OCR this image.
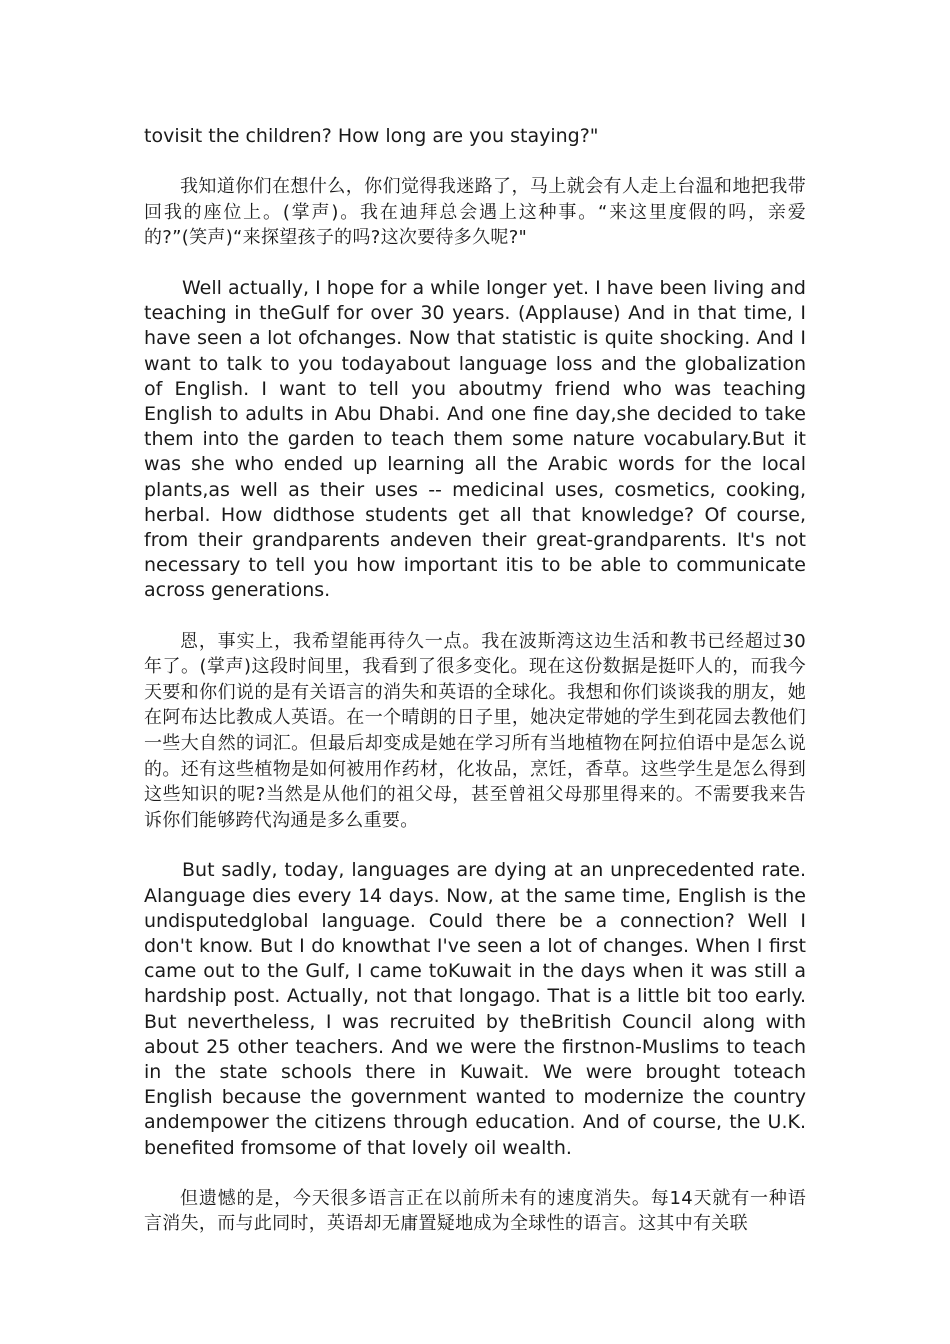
tovisit the children? How long are you staying?"

我知道你们在想什么，你们觉得我迷路了，马上就会有人走上台温和地把我带回我的座位上。(掌声)。我在迪拜总会遇上这种事。“来这里度假的吗，亲爱的?”(笑声)“来探望孩子的吗?这次要待多久呢?"

Well actually, I hope for a while longer yet. I have been living and teaching in theGulf for over 30 years. (Applause) And in that time, I have seen a lot ofchanges. Now that statistic is quite shocking. And I want to talk to you todayabout language loss and the globalization of English. I want to tell you aboutmy friend who was teaching English to adults in Abu Dhabi. And one fine day,she decided to take them into the garden to teach them some nature vocabulary.But it was she who ended up learning all the Arabic words for the local plants,as well as their uses -- medicinal uses, cosmetics, cooking, herbal. How didthose students get all that knowledge? Of course, from their grandparents andeven their great-grandparents. It's not necessary to tell you how important itis to be able to communicate across generations.

恩，事实上，我希望能再待久一点。我在波斯湾这边生活和教书已经超过30年了。(掌声)这段时间里，我看到了很多变化。现在这份数据是挺吓人的，而我今天要和你们说的是有关语言的消失和英语的全球化。我想和你们谈谈我的朋友，她在阿布达比教成人英语。在一个晴朗的日子里，她决定带她的学生到花园去教他们一些大自然的词汇。但最后却变成是她在学习所有当地植物在阿拉伯语中是怎么说的。还有这些植物是如何被用作药材，化妆品，烹饪，香草。这些学生是怎么得到这些知识的呢?当然是从他们的祖父母，甚至曾祖父母那里得来的。不需要我来告诉你们能够跨代沟通是多么重要。

But sadly, today, languages are dying at an unprecedented rate. Alanguage dies every 14 days. Now, at the same time, English is the undisputedglobal language. Could there be a connection? Well I don't know. But I do knowthat I've seen a lot of changes. When I first came out to the Gulf, I came toKuwait in the days when it was still a hardship post. Actually, not that longago. That is a little bit too early. But nevertheless, I was recruited by theBritish Council along with about 25 other teachers. And we were the firstnon-Muslims to teach in the state schools there in Kuwait. We were brought toteach English because the government wanted to modernize the country andempower the citizens through education. And of course, the U.K. benefited fromsome of that lovely oil wealth.

但遗憾的是，今天很多语言正在以前所未有的速度消失。每14天就有一种语言消失，而与此同时，英语却无庸置疑地成为全球性的语言。这其中有关联
